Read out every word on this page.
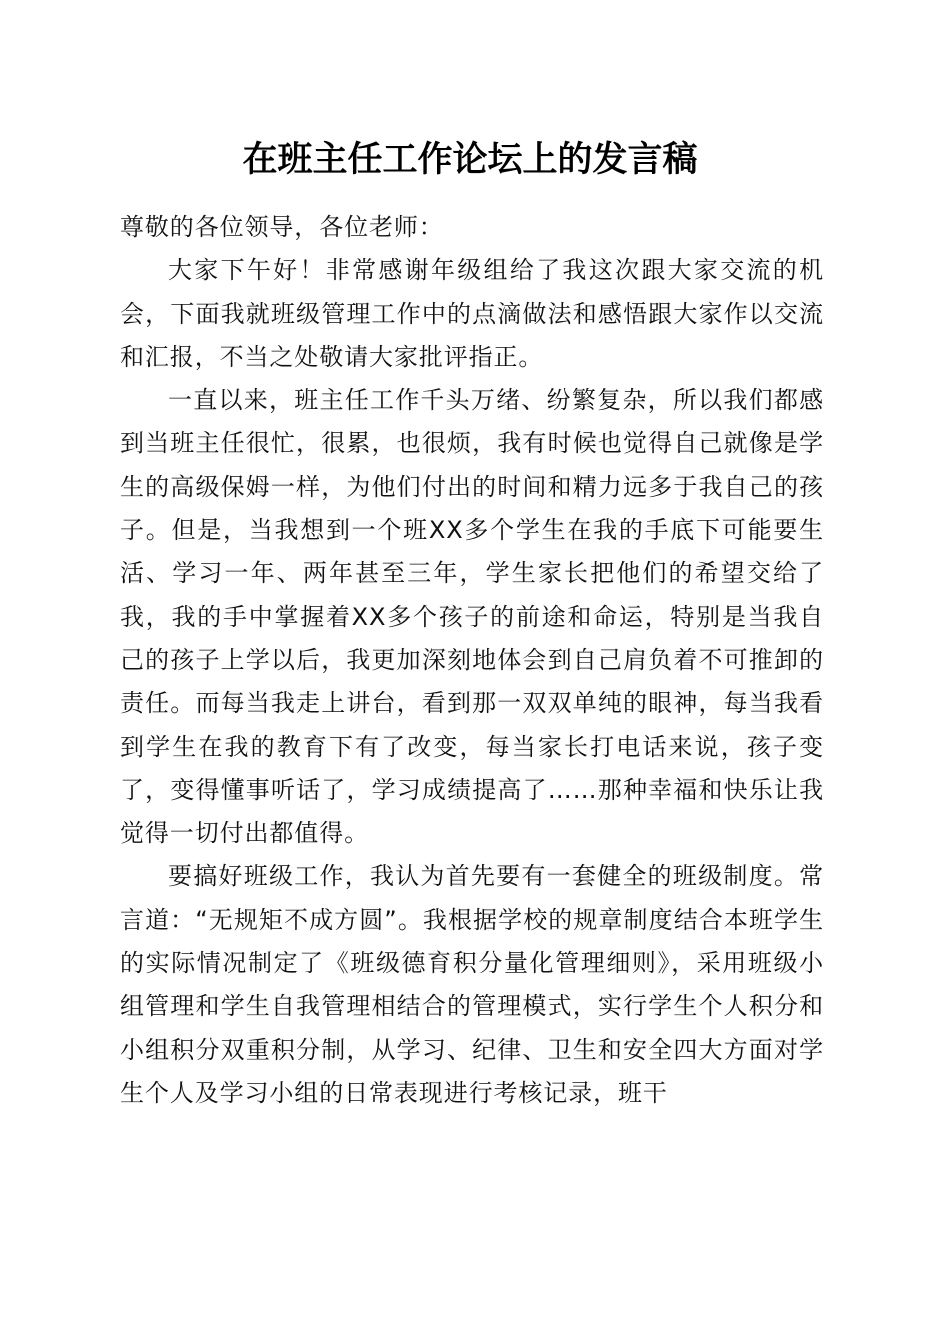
在班主任工作论坛上的发言稿

尊敬的各位领导，各位老师：

大家下午好！非常感谢年级组给了我这次跟大家交流的机会，下面我就班级管理工作中的点滴做法和感悟跟大家作以交流和汇报，不当之处敬请大家批评指正。

一直以来，班主任工作千头万绪、纷繁复杂，所以我们都感到当班主任很忙，很累，也很烦，我有时候也觉得自己就像是学生的高级保姆一样，为他们付出的时间和精力远多于我自己的孩子。但是，当我想到一个班XX多个学生在我的手底下可能要生活、学习一年、两年甚至三年，学生家长把他们的希望交给了我，我的手中掌握着XX多个孩子的前途和命运，特别是当我自己的孩子上学以后，我更加深刻地体会到自己肩负着不可推卸的责任。而每当我走上讲台，看到那一双双单纯的眼神，每当我看到学生在我的教育下有了改变，每当家长打电话来说，孩子变了，变得懂事听话了，学习成绩提高了……那种幸福和快乐让我觉得一切付出都值得。

要搞好班级工作，我认为首先要有一套健全的班级制度。常言道：“无规矩不成方圆”。我根据学校的规章制度结合本班学生的实际情况制定了《班级德育积分量化管理细则》，采用班级小组管理和学生自我管理相结合的管理模式，实行学生个人积分和小组积分双重积分制，从学习、纪律、卫生和安全四大方面对学生个人及学习小组的日常表现进行考核记录，班干
